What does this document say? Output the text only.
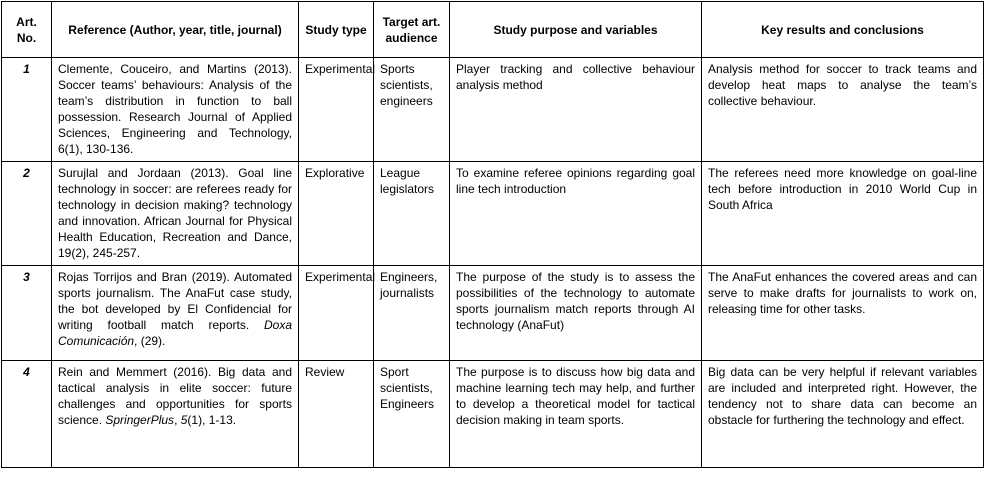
Art. No.	Reference (Author, year, title, journal)	Study type	Target art. audience	Study purpose and variables	Key results and conclusions
1	Clemente, Couceiro, and Martins (2013). Soccer teams’ behaviours: Analysis of the team’s distribution in function to ball possession. Research Journal of Applied Sciences, Engineering and Technology, 6(1), 130-136.	Experimental	Sports scientists, engineers	Player tracking and collective behaviour analysis method	Analysis method for soccer to track teams and develop heat maps to analyse the team’s collective behaviour.
2	Surujlal and Jordaan (2013). Goal line technology in soccer: are referees ready for technology in decision making? technology and innovation. African Journal for Physical Health Education, Recreation and Dance, 19(2), 245-257.	Explorative	League legislators	To examine referee opinions regarding goal line tech introduction	The referees need more knowledge on goal-line tech before introduction in 2010 World Cup in South Africa
3	Rojas Torrijos and Bran (2019). Automated sports journalism. The AnaFut case study, the bot developed by El Confidencial for writing football match reports. Doxa Comunicación, (29).	Experimental	Engineers, journalists	The purpose of the study is to assess the possibilities of the technology to automate sports journalism match reports through AI technology (AnaFut)	The AnaFut enhances the covered areas and can serve to make drafts for journalists to work on, releasing time for other tasks.
4	Rein and Memmert (2016). Big data and tactical analysis in elite soccer: future challenges and opportunities for sports science. SpringerPlus, 5(1), 1-13.	Review	Sport scientists, Engineers	The purpose is to discuss how big data and machine learning tech may help, and further to develop a theoretical model for tactical decision making in team sports.	Big data can be very helpful if relevant variables are included and interpreted right. However, the tendency not to share data can become an obstacle for furthering the technology and effect.
